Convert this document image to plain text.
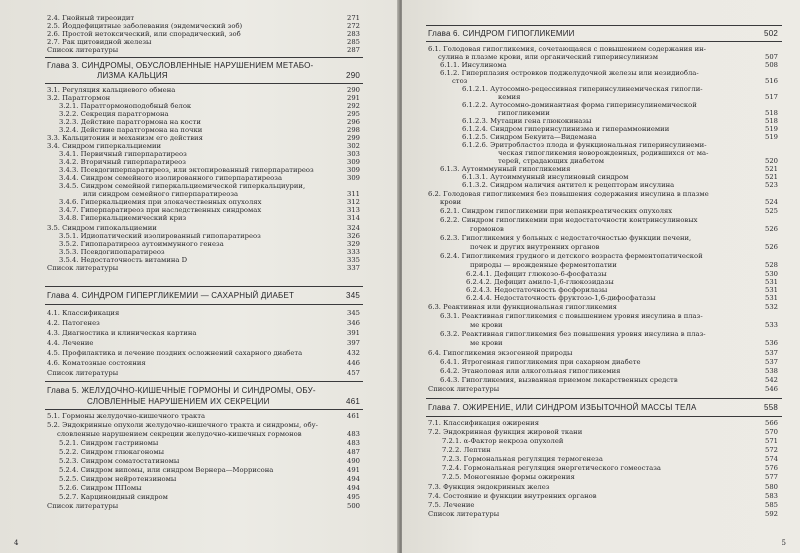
2.4. Гнойный тиреоидит	271
2.5. Йоддефицитные заболевания (эндемический зоб)	272
2.6. Простой нетоксический, или спорадический, зоб	283
2.7. Рак щитовидной железы	285
Список литературы	287
Глава 3. СИНДРОМЫ, ОБУСЛОВЛЕННЫЕ НАРУШЕНИЕМ МЕТАБО-
ЛИЗМА КАЛЬЦИЯ	290
3.1. Регуляция кальциевого обмена	290
3.2. Паратгормон	291
3.2.1. Паратгормоноподобный белок	292
3.2.2. Секреция паратгормона	295
3.2.3. Действие паратгормона на кости	296
3.2.4. Действие паратгормона на почки	298
3.3. Кальцитонин и механизм его действия	299
3.4. Синдром гиперкальциемии	302
3.4.1. Первичный гиперпаратиреоз	303
3.4.2. Вторичный гиперпаратиреоз	309
3.4.3. Псевдогиперпаратиреоз, или эктопированный гиперпаратиреоз	309
3.4.4. Синдром семейного изолированного гиперпаратиреоза	309
3.4.5. Синдром семейной гиперкальциемической гиперкальциурии,
или синдром семейного гиперпаратиреоза	311
3.4.6. Гиперкальциемия при злокачественных опухолях	312
3.4.7. Гиперпаратиреоз при наследственных синдромах	313
3.4.8. Гиперкальциемический криз	314
3.5. Синдром гипокальциемии	324
3.5.1. Идиопатический изолированный гипопаратиреоз	326
3.5.2. Гипопаратиреоз аутоиммунного генеза	329
3.5.3. Псевдогипопаратиреоз	333
3.5.4. Недостаточность витамина D	335
Список литературы	337
Глава 4. СИНДРОМ ГИПЕРГЛИКЕМИИ — САХАРНЫЙ ДИАБЕТ	345
4.1. Классификация	345
4.2. Патогенез	346
4.3. Диагностика и клиническая картина	391
4.4. Лечение	397
4.5. Профилактика и лечение поздних осложнений сахарного диабета	432
4.6. Коматозные состояния	446
Список литературы	457
Глава 5. ЖЕЛУДОЧНО-КИШЕЧНЫЕ ГОРМОНЫ И СИНДРОМЫ, ОБУ-
СЛОВЛЕННЫЕ НАРУШЕНИЕМ ИХ СЕКРЕЦИИ	461
5.1. Гормоны желудочно-кишечного тракта	461
5.2. Эндокринные опухоли желудочно-кишечного тракта и синдромы, обу-
словленные нарушением секреции желудочно-кишечных гормонов	483
5.2.1. Синдром гастриномы	483
5.2.2. Синдром глюкагономы	487
5.2.3. Синдром соматостатиномы	490
5.2.4. Синдром випомы, или синдром Вернера—Моррисона	491
5.2.5. Синдром нейротензиномы	494
5.2.6. Синдром ППомы	494
5.2.7. Карциноидный синдром	495
Список литературы	500
4
Глава 6. СИНДРОМ ГИПОГЛИКЕМИИ	502
6.1. Голодовая гипогликемия, сочетающаяся с повышением содержания ин-
сулина в плазме крови, или органический гиперинсулинизм	507
6.1.1. Инсулинома	508
6.1.2. Гиперплазия островков поджелудочной железы или незидиобла-
стоз	516
6.1.2.1. Аутосомно-рецессивная гиперинсулинемическая гипогли-
кемия	517
6.1.2.2. Аутосомно-доминантная форма гиперинсулинемической
гипогликемии	518
6.1.2.3. Мутации гена глюкокиназы	518
6.1.2.4. Синдром гиперинсулинизма и гипераммониемии	519
6.1.2.5. Синдром Бекуита—Видемана	519
6.1.2.6. Эритробластоз плода и функциональная гиперинсулинеми-
ческая гипогликемия новорожденных, родившихся от ма-
терей, страдающих диабетом	520
6.1.3. Аутоиммунный гипогликемия	521
6.1.3.1. Аутоиммунный инсулиновый синдром	521
6.1.3.2. Синдром наличия антител к рецепторам инсулина	523
6.2. Голодовая гипогликемия без повышения содержания инсулина в плазме
крови	524
6.2.1. Синдром гипогликемии при непанкреатических опухолях	525
6.2.2. Синдром гипогликемии при недостаточности контринсулиновых
гормонов	526
6.2.3. Гипогликемия у больных с недостаточностью функции печени,
почек и других внутренних органов	526
6.2.4. Гипогликемия грудного и детского возраста ферментопатической
природы — врожденные ферментопатии	528
6.2.4.1. Дефицит глюкозо-6-фосфатазы	530
6.2.4.2. Дефицит амило-1,6-глюкозидазы	531
6.2.4.3. Недостаточность фосфорилазы	531
6.2.4.4. Недостаточность фруктозо-1,6-дифосфатазы	531
6.3. Реактивная или функциональная гипогликемия	532
6.3.1. Реактивная гипогликемия с повышением уровня инсулина в плаз-
ме крови	533
6.3.2. Реактивная гипогликемия без повышения уровня инсулина в плаз-
ме крови	536
6.4. Гипогликемия экзогенной природы	537
6.4.1. Ятрогенная гипогликемия при сахарном диабете	537
6.4.2. Этаноловая или алкогольная гипогликемия	538
6.4.3. Гипогликемия, вызванная приемом лекарственных средств	542
Список литературы	546
Глава 7. ОЖИРЕНИЕ, ИЛИ СИНДРОМ ИЗБЫТОЧНОЙ МАССЫ ТЕЛА	558
7.1. Классификация ожирения	566
7.2. Эндокринная функция жировой ткани	570
7.2.1. α-Фактор некроза опухолей	571
7.2.2. Лептин	572
7.2.3. Гормональная регуляция термогенеза	574
7.2.4. Гормональная регуляция энергетического гомеостаза	576
7.2.5. Моногенные формы ожирения	577
7.3. Функция эндокринных желез	580
7.4. Состояние и функции внутренних органов	583
7.5. Лечение	585
Список литературы	592
5
